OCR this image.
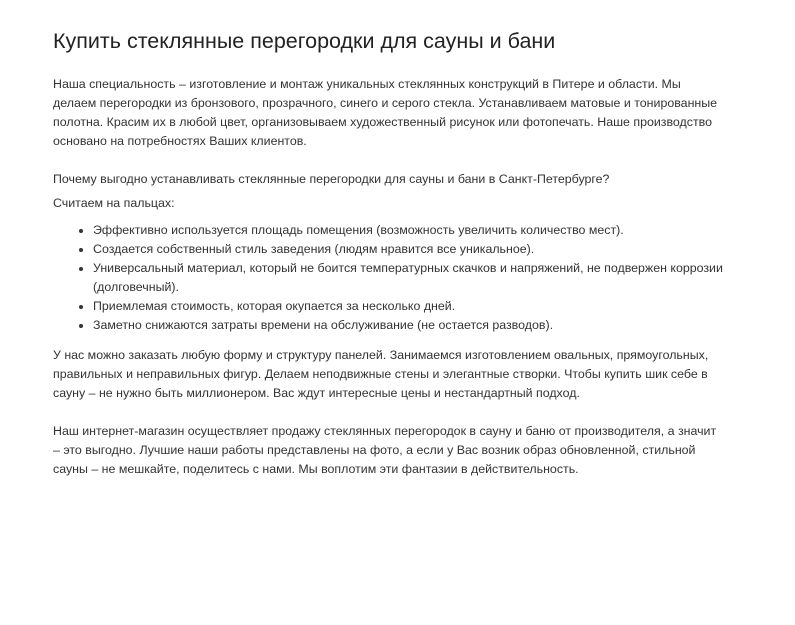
Купить стеклянные перегородки для сауны и бани

Наша специальность – изготовление и монтаж уникальных стеклянных конструкций в Питере и области. Мы делаем перегородки из бронзового, прозрачного, синего и серого стекла. Устанавливаем матовые и тонированные полотна. Красим их в любой цвет, организовываем художественный рисунок или фотопечать. Наше производство основано на потребностях Ваших клиентов.

Почему выгодно устанавливать стеклянные перегородки для сауны и бани в Санкт-Петербурге?

Считаем на пальцах:

• Эффективно используется площадь помещения (возможность увеличить количество мест).
• Создается собственный стиль заведения (людям нравится все уникальное).
• Универсальный материал, который не боится температурных скачков и напряжений, не подвержен коррозии (долговечный).
• Приемлемая стоимость, которая окупается за несколько дней.
• Заметно снижаются затраты времени на обслуживание (не остается разводов).

У нас можно заказать любую форму и структуру панелей. Занимаемся изготовлением овальных, прямоугольных, правильных и неправильных фигур. Делаем неподвижные стены и элегантные створки. Чтобы купить шик себе в сауну – не нужно быть миллионером. Вас ждут интересные цены и нестандартный подход.

Наш интернет-магазин осуществляет продажу стеклянных перегородок в сауну и баню от производителя, а значит – это выгодно. Лучшие наши работы представлены на фото, а если у Вас возник образ обновленной, стильной сауны – не мешкайте, поделитесь с нами. Мы воплотим эти фантазии в действительность.
